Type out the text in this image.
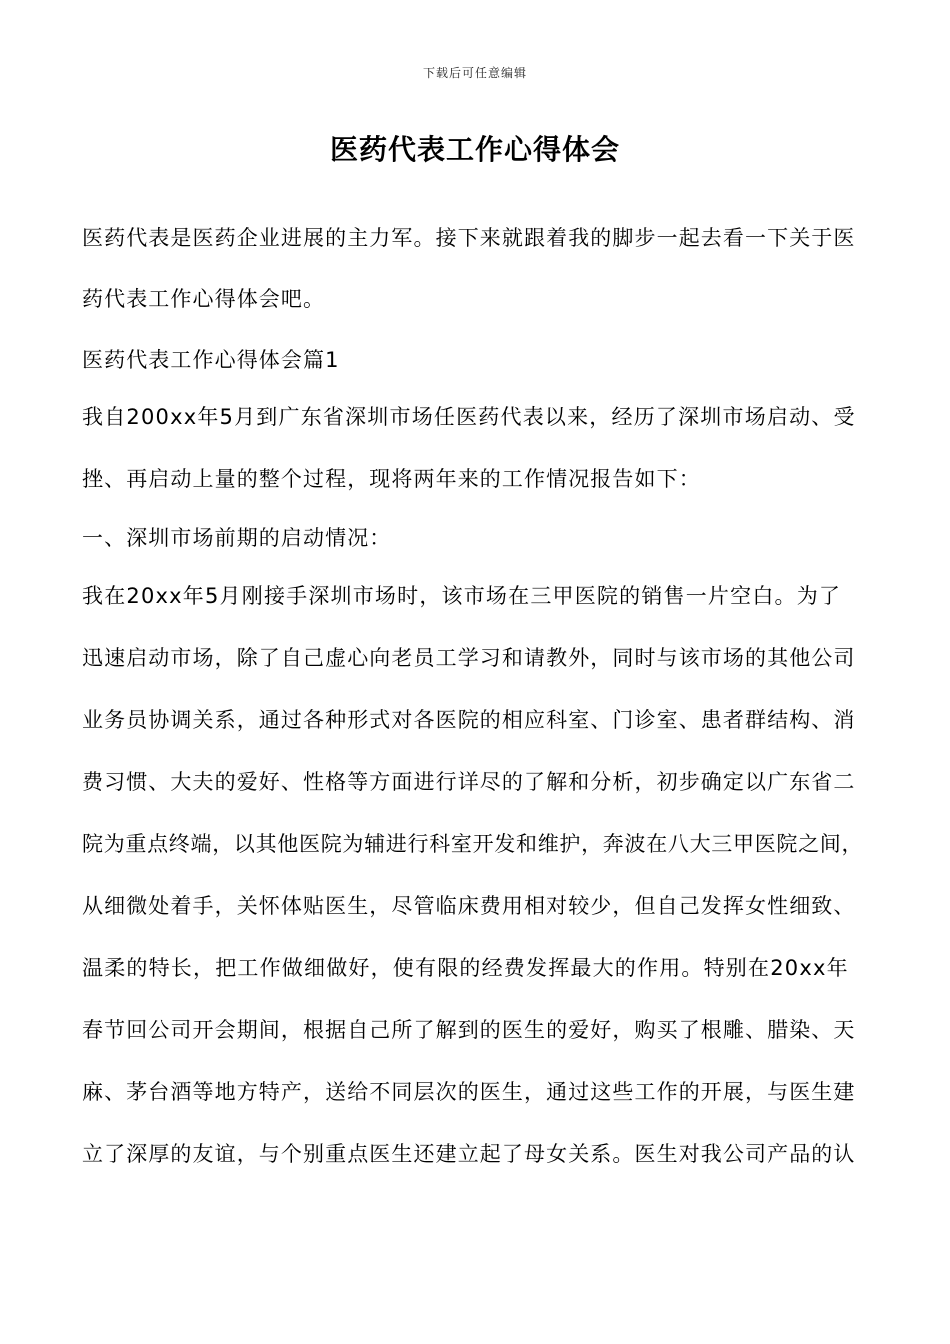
下载后可任意编辑
医药代表工作心得体会
医药代表是医药企业进展的主力军。接下来就跟着我的脚步一起去看一下关于医
药代表工作心得体会吧。
医药代表工作心得体会篇1
我自200xx年5月到广东省深圳市场任医药代表以来，经历了深圳市场启动、受
挫、再启动上量的整个过程，现将两年来的工作情况报告如下：
一、深圳市场前期的启动情况：
我在20xx年5月刚接手深圳市场时，该市场在三甲医院的销售一片空白。为了
迅速启动市场，除了自己虚心向老员工学习和请教外，同时与该市场的其他公司
业务员协调关系，通过各种形式对各医院的相应科室、门诊室、患者群结构、消
费习惯、大夫的爱好、性格等方面进行详尽的了解和分析，初步确定以广东省二
院为重点终端，以其他医院为辅进行科室开发和维护，奔波在八大三甲医院之间，
从细微处着手，关怀体贴医生，尽管临床费用相对较少，但自己发挥女性细致、
温柔的特长，把工作做细做好，使有限的经费发挥最大的作用。特别在20xx年
春节回公司开会期间，根据自己所了解到的医生的爱好，购买了根雕、腊染、天
麻、茅台酒等地方特产，送给不同层次的医生，通过这些工作的开展，与医生建
立了深厚的友谊，与个别重点医生还建立起了母女关系。医生对我公司产品的认
